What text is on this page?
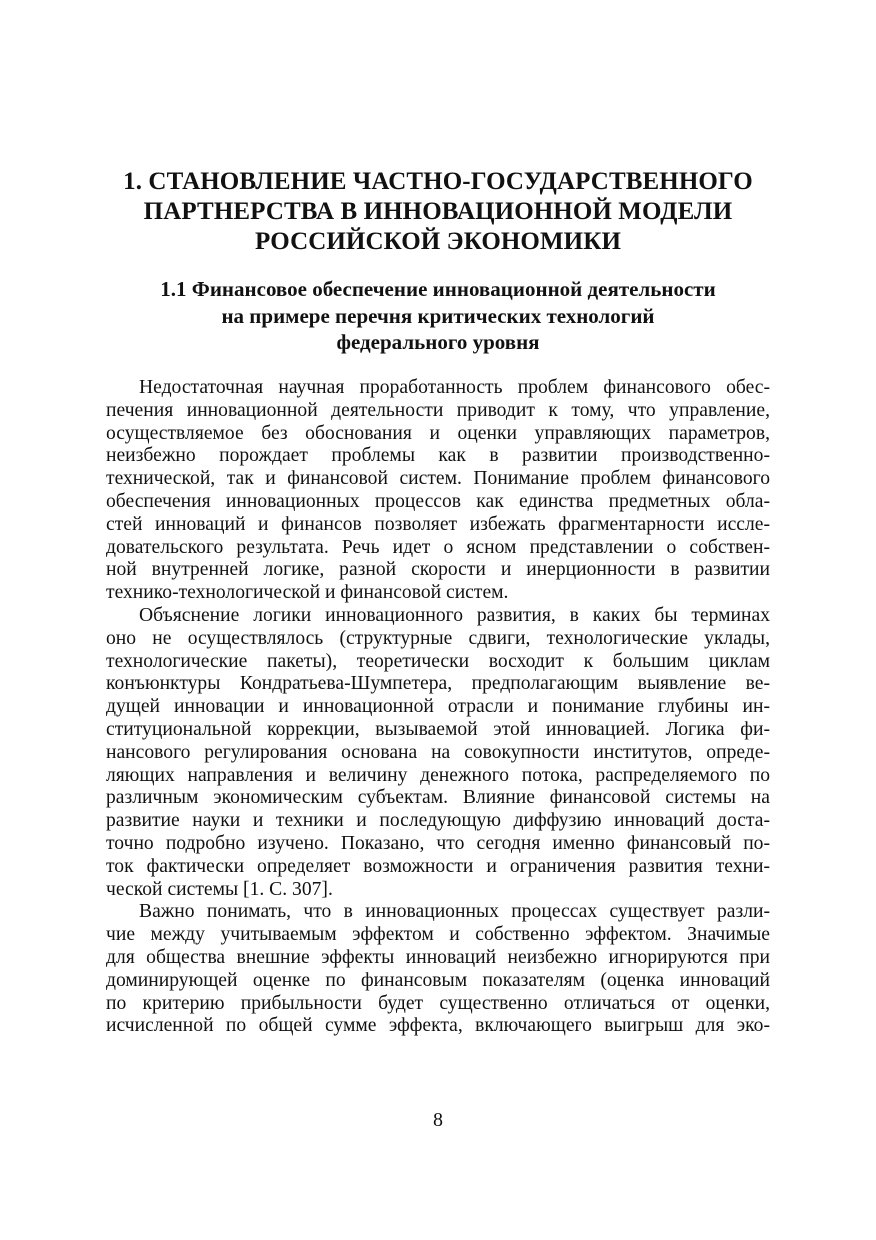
1. СТАНОВЛЕНИЕ ЧАСТНО-ГОСУДАРСТВЕННОГО
ПАРТНЕРСТВА В ИННОВАЦИОННОЙ МОДЕЛИ
РОССИЙСКОЙ ЭКОНОМИКИ
1.1 Финансовое обеспечение инновационной деятельности
на примере перечня критических технологий
федерального уровня

Недостаточная научная проработанность проблем финансового обес-
печения инновационной деятельности приводит к тому, что управление,
осуществляемое без обоснования и оценки управляющих параметров,
неизбежно порождает проблемы как в развитии производственно-
технической, так и финансовой систем. Понимание проблем финансового
обеспечения инновационных процессов как единства предметных обла-
стей инноваций и финансов позволяет избежать фрагментарности иссле-
довательского результата. Речь идет о ясном представлении о собствен-
ной внутренней логике, разной скорости и инерционности в развитии
технико-технологической и финансовой систем.

Объяснение логики инновационного развития, в каких бы терминах
оно не осуществлялось (структурные сдвиги, технологические уклады,
технологические пакеты), теоретически восходит к большим циклам
конъюнктуры Кондратьева-Шумпетера, предполагающим выявление ве-
дущей инновации и инновационной отрасли и понимание глубины ин-
ституциональной коррекции, вызываемой этой инновацией. Логика фи-
нансового регулирования основана на совокупности институтов, опреде-
ляющих направления и величину денежного потока, распределяемого по
различным экономическим субъектам. Влияние финансовой системы на
развитие науки и техники и последующую диффузию инноваций доста-
точно подробно изучено. Показано, что сегодня именно финансовый по-
ток фактически определяет возможности и ограничения развития техни-
ческой системы [1. С. 307].

Важно понимать, что в инновационных процессах существует разли-
чие между учитываемым эффектом и собственно эффектом. Значимые
для общества внешние эффекты инноваций неизбежно игнорируются при
доминирующей оценке по финансовым показателям (оценка инноваций
по критерию прибыльности будет существенно отличаться от оценки,
исчисленной по общей сумме эффекта, включающего выигрыш для эко-

8
